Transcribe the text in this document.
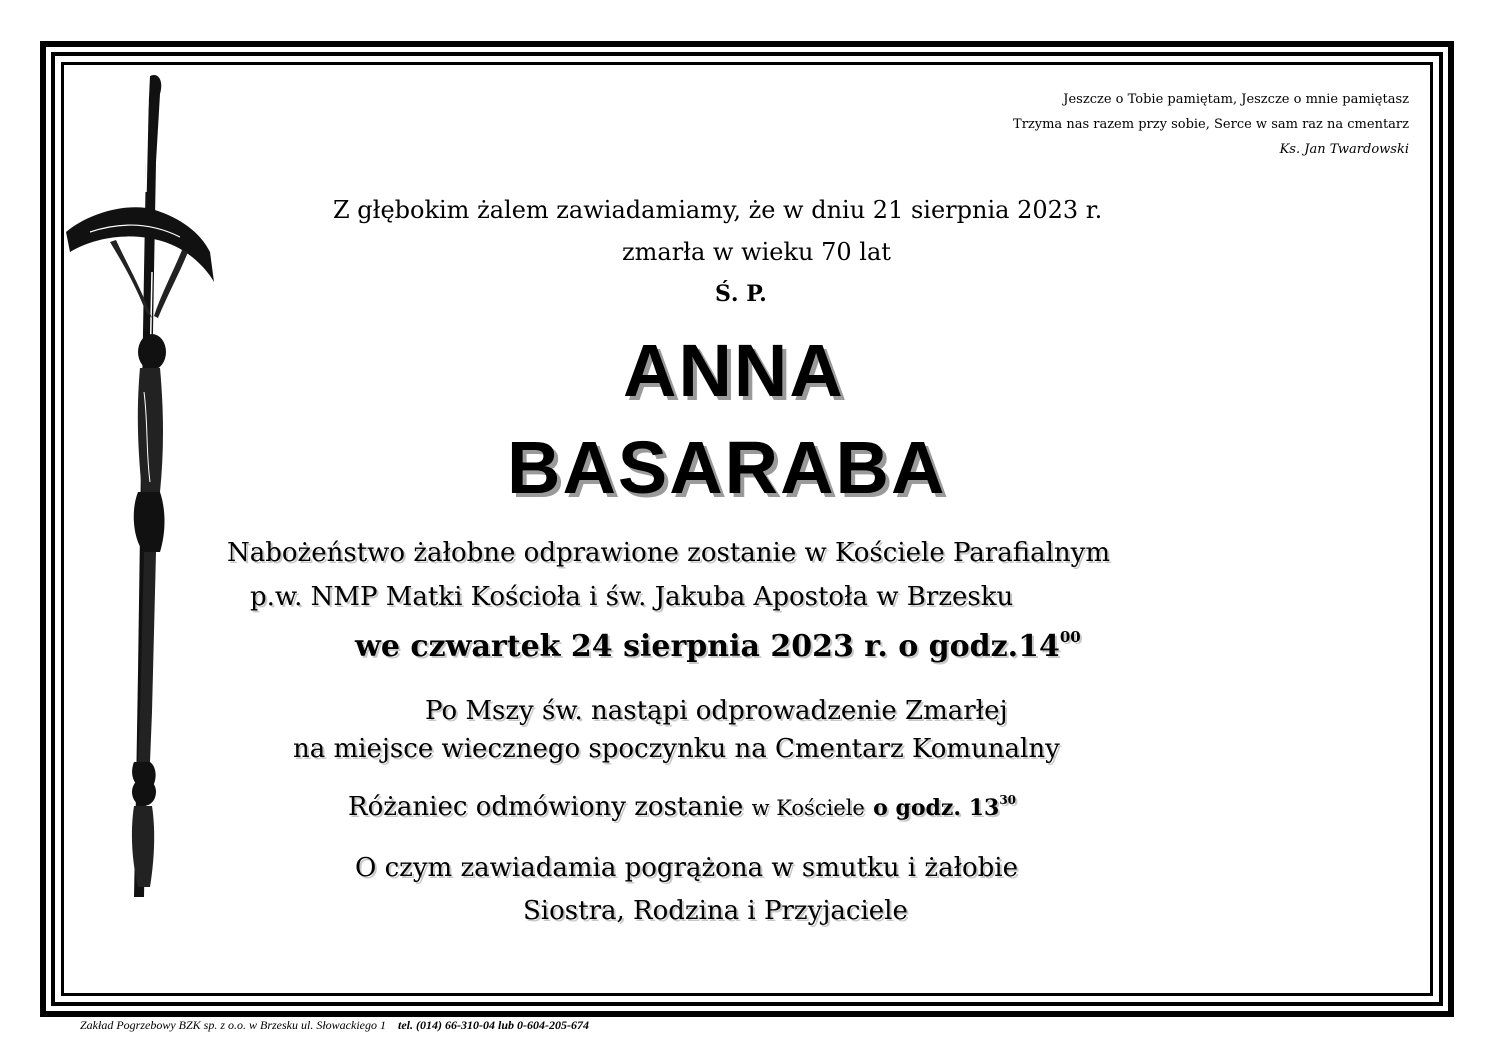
Jeszcze o Tobie pamiętam, Jeszcze o mnie pamiętasz
Trzyma nas razem przy sobie, Serce w sam raz na cmentarz
Ks. Jan Twardowski
Z głębokim żalem zawiadamiamy, że w dniu 21 sierpnia 2023 r.
zmarła w wieku 70 lat
Ś. P.
ANNA
BASARABA
Nabożeństwo żałobne odprawione zostanie w Kościele Parafialnym
p.w. NMP Matki Kościoła i św. Jakuba Apostoła w Brzesku
we czwartek 24 sierpnia 2023 r. o $godz.14^{00}$
Po Mszy św. nastąpi odprowadzenie Zmarłej
na miejsce wiecznego spoczynku na Cmentarz Komunalny
Różaniec odmówiony zostanie w Kościele o godz. $13^{30}$
O czym zawiadamia pogrążona w smutku i żałobie
Siostra, Rodzina i Przyjaciele
Zakład Pogrzebowy BZK sp. z o.o. w Brzesku ul. Słowackiego 1 tel. (014) 66-310-04 lub 0-604-205-674
